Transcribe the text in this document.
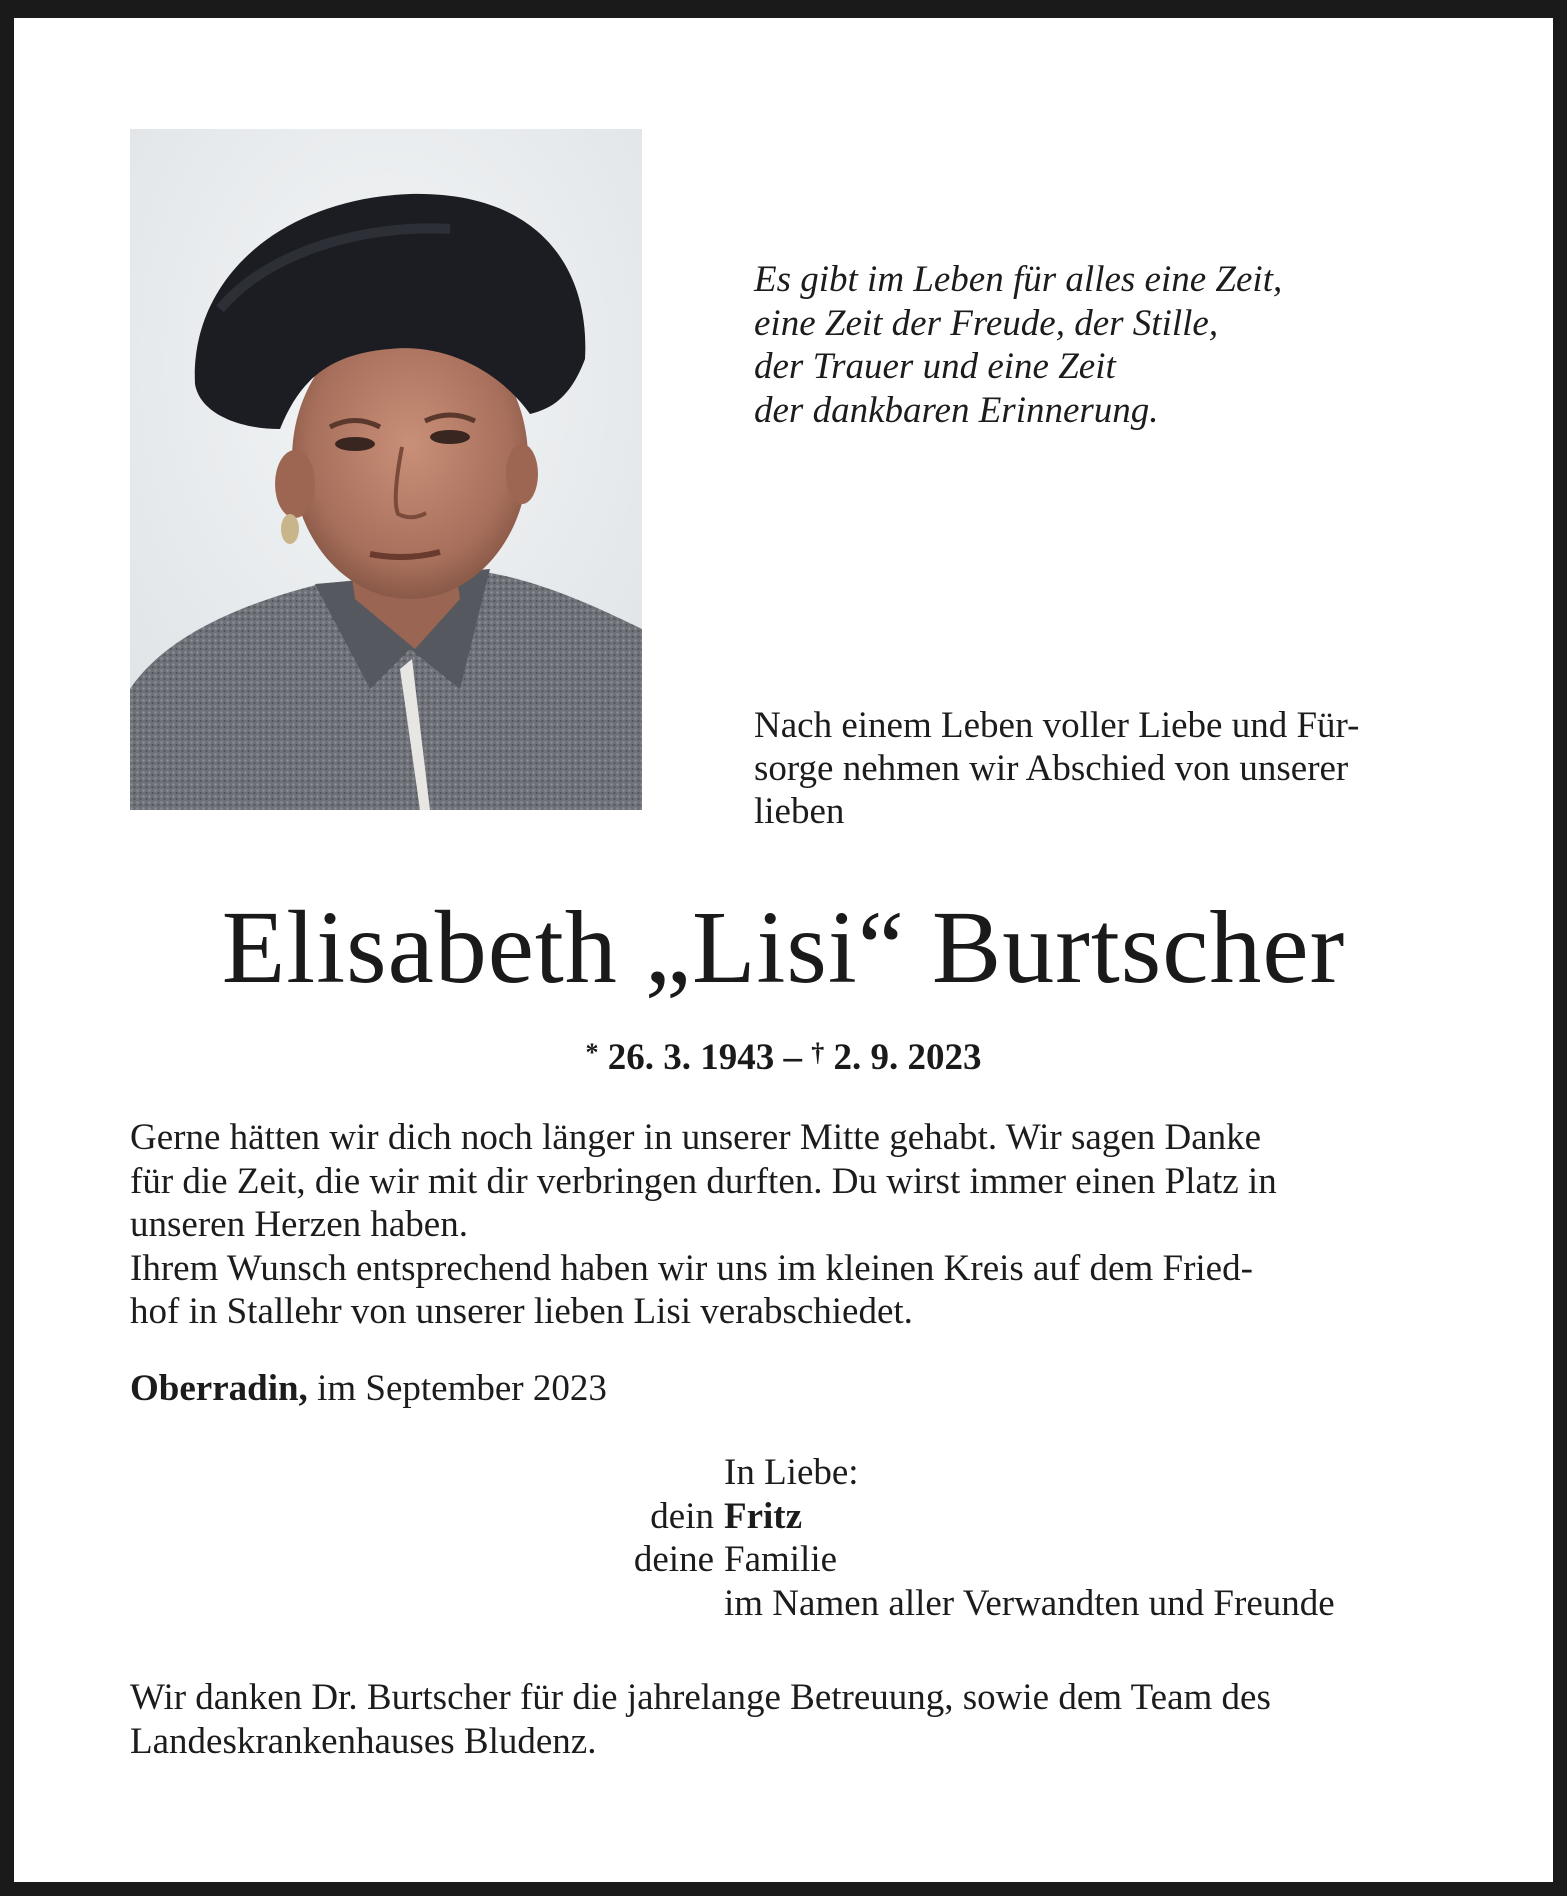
Es gibt im Leben für alles eine Zeit,
eine Zeit der Freude, der Stille,
der Trauer und eine Zeit
der dankbaren Erinnerung.
Nach einem Leben voller Liebe und Für-
sorge nehmen wir Abschied von unserer
lieben
Elisabeth „Lisi“ Burtscher
* 26. 3. 1943 – † 2. 9. 2023
Gerne hätten wir dich noch länger in unserer Mitte gehabt. Wir sagen Danke
für die Zeit, die wir mit dir verbringen durften. Du wirst immer einen Platz in
unseren Herzen haben.
Ihrem Wunsch entsprechend haben wir uns im kleinen Kreis auf dem Fried-
hof in Stallehr von unserer lieben Lisi verabschiedet.
Oberradin, im September 2023
In Liebe:
dein Fritz
deine Familie
im Namen aller Verwandten und Freunde
Wir danken Dr. Burtscher für die jahrelange Betreuung, sowie dem Team des
Landeskrankenhauses Bludenz.
